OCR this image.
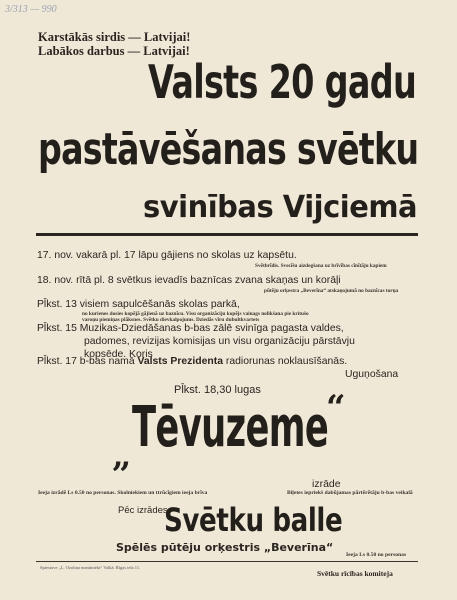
3/313 — 990
Karstākās sirdis — Latvijai!
Labākos darbus — Latvijai!
Valsts 20 gadu
pastāvēšanas svētku
svinības Vijciemā
17. nov. vakarā pl. 17 lāpu gājiens no skolas uz kapsētu.
Svētbrīdis. Svecīšu aizdegšana uz brīvības cīnītāju kapiem
18. nov. rītā pl. 8 svētkus ievadīs baznīcas zvana skaņas un korāļi
pūtēju orķestra „Beverīna“ atskaņojumā no baznīcas torņa
Pl̄kst. 13 visiem sapulcēšanās skolas parkā,
no kurienes dosies kopējā gājienā uz baznīcu. Visu organizāciju kopējs vainags nolikšana pie kritušo varoņu piemiņas plāksnes. Svētku dievkalpojums. Dziedās vīru dubultkvartets
Pl̄kst. 15 Muzikas-Dziedāšanas b-bas zālē svinīga pagasta valdes,
padomes, revizijas komisijas un visu organizāciju pārstāvju
kopsēde. Koris
Pl̄kst. 17 b-bas namā Valsts Prezidenta radiorunas noklausīšanās.
Uguņošana
Pl̄kst. 18,30 lugas
„ Tēvuzeme
“
izrāde
Ieeja izrādē Ls 0.50 no personas. Skolniekiem un ttrūcīgiem ieeja brīva	Biļetes iepriekš dabūjamas pārtērētāju b-bas veikalā
Pēc izrādes
Svētku balle
Spēlēs pūtēju orķestris „Beverīna“
Ieeja Ls 0.50 no personas
Spiestuve „L. Ozoliņa mantinieki“ Valkā. Rīgas iela 11.
Svētku rīcības komiteja
